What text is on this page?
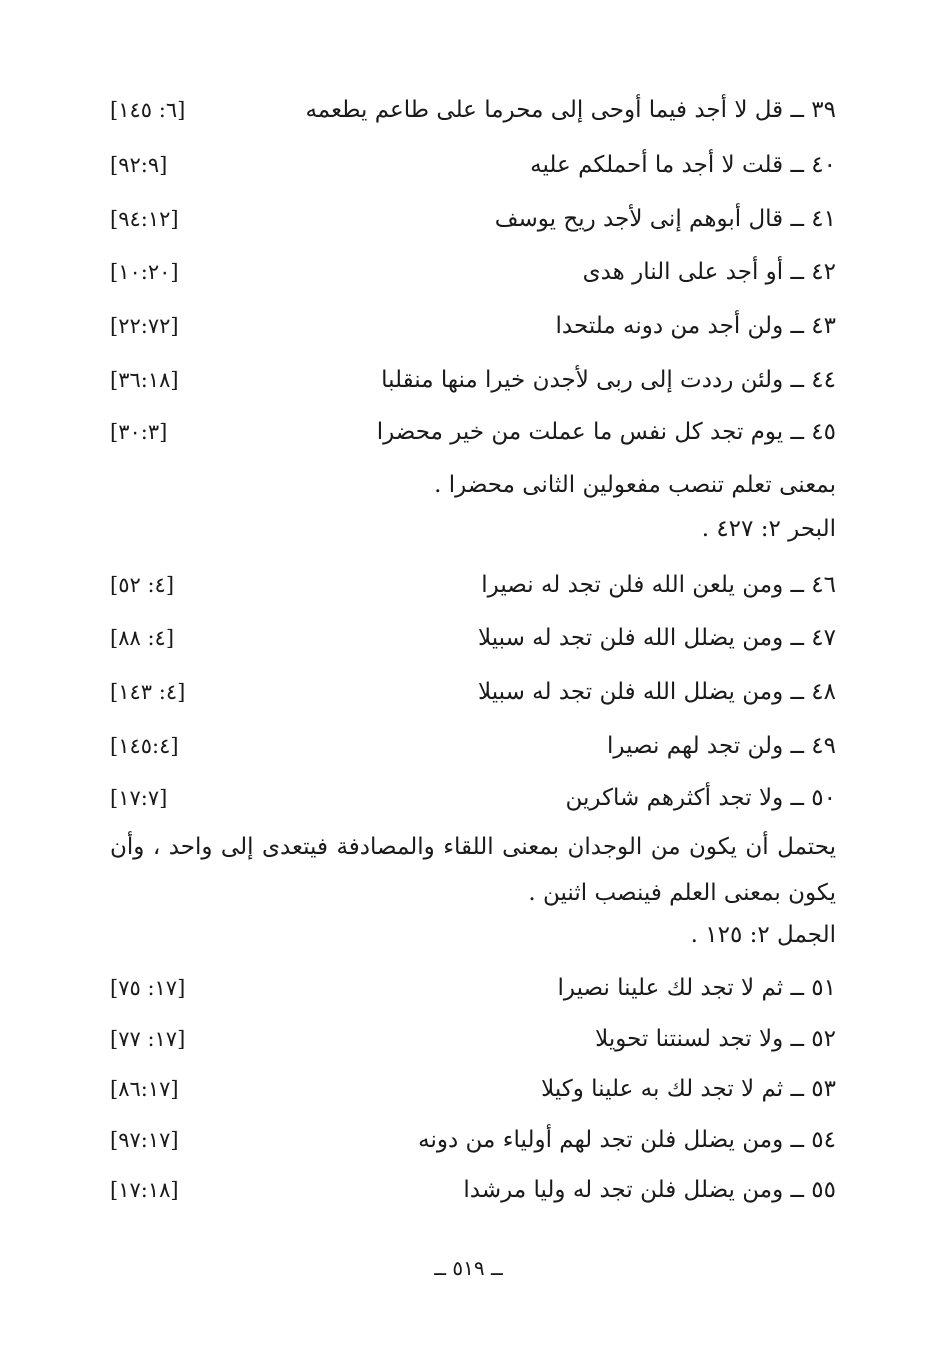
٣٩ ــ قل لا أجد فيما أوحى إلى محرما على طاعم يطعمه
[٦: ١٤٥]
٤٠ ــ قلت لا أجد ما أحملكم عليه
[٩٢:٩]
٤١ ــ قال أبوهم إنى لأجد ريح يوسف
[٩٤:١٢]
٤٢ ــ أو أجد على النار هدى
[١٠:٢٠]
٤٣ ــ ولن أجد من دونه ملتحدا
[٢٢:٧٢]
٤٤ ــ ولئن رددت إلى ربى لأجدن خيرا منها منقلبا
[٣٦:١٨]
٤٥ ــ يوم تجد كل نفس ما عملت من خير محضرا
[٣٠:٣]
بمعنى تعلم تنصب مفعولين الثانى محضرا .
البحر ٢: ٤٢٧ .
٤٦ ــ ومن يلعن الله فلن تجد له نصيرا
[٤: ٥٢]
٤٧ ــ ومن يضلل الله فلن تجد له سبيلا
[٤: ٨٨]
٤٨ ــ ومن يضلل الله فلن تجد له سبيلا
[٤: ١٤٣]
٤٩ ــ ولن تجد لهم نصيرا
[١٤٥:٤]
٥٠ ــ ولا تجد أكثرهم شاكرين
[١٧:٧]
يحتمل أن يكون من الوجدان بمعنى اللقاء والمصادفة فيتعدى إلى واحد ، وأن
يكون بمعنى العلم فينصب اثنين .
الجمل ٢: ١٢٥ .
٥١ ــ ثم لا تجد لك علينا نصيرا
[١٧: ٧٥]
٥٢ ــ ولا تجد لسنتنا تحويلا
[١٧: ٧٧]
٥٣ ــ ثم لا تجد لك به علينا وكيلا
[٨٦:١٧]
٥٤ ــ ومن يضلل فلن تجد لهم أولياء من دونه
[٩٧:١٧]
٥٥ ــ ومن يضلل فلن تجد له وليا مرشدا
[١٧:١٨]
ــ ٥١٩ ــ
